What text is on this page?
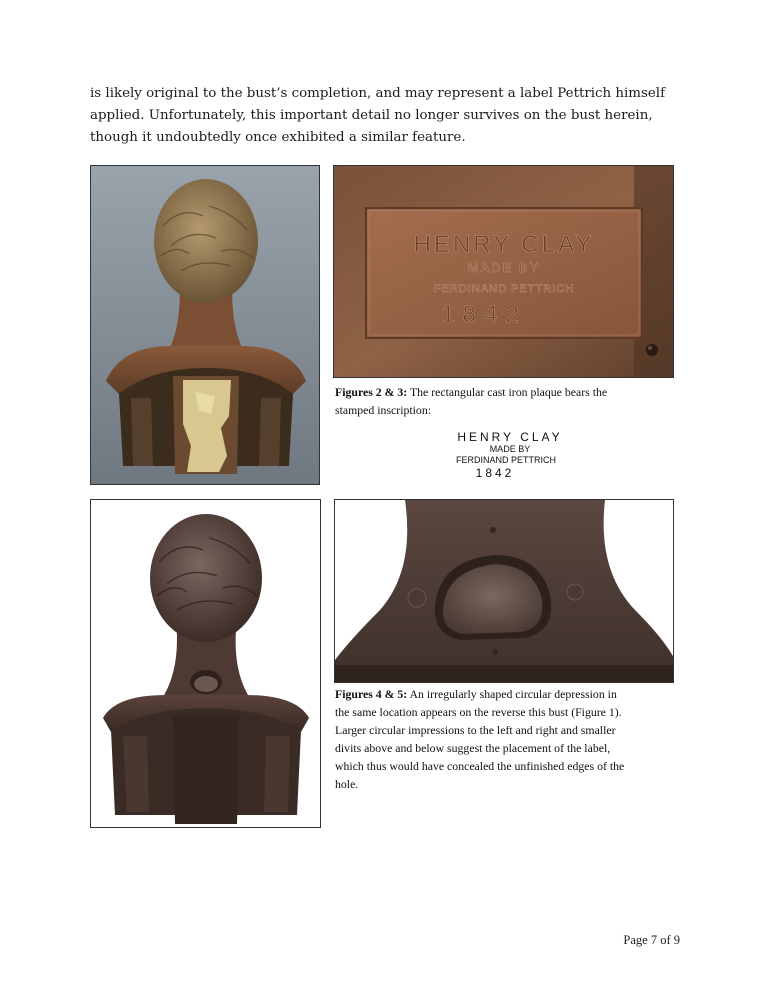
is likely original to the bust’s completion, and may represent a label Pettrich himself
applied. Unfortunately, this important detail no longer survives on the bust herein,
though it undoubtedly once exhibited a similar feature.
HENRY CLAY
MADE BY
FERDINAND PETTRICH
1842
Figures 2 & 3: The rectangular cast iron plaque bears the
stamped inscription:
HENRY CLAY
MADE BY
FERDINAND PETTRICH
1842
Figures 4 & 5: An irregularly shaped circular depression in
the same location appears on the reverse this bust (Figure 1).
Larger circular impressions to the left and right and smaller
divits above and below suggest the placement of the label,
which thus would have concealed the unfinished edges of the
hole.
Page 7 of 9
